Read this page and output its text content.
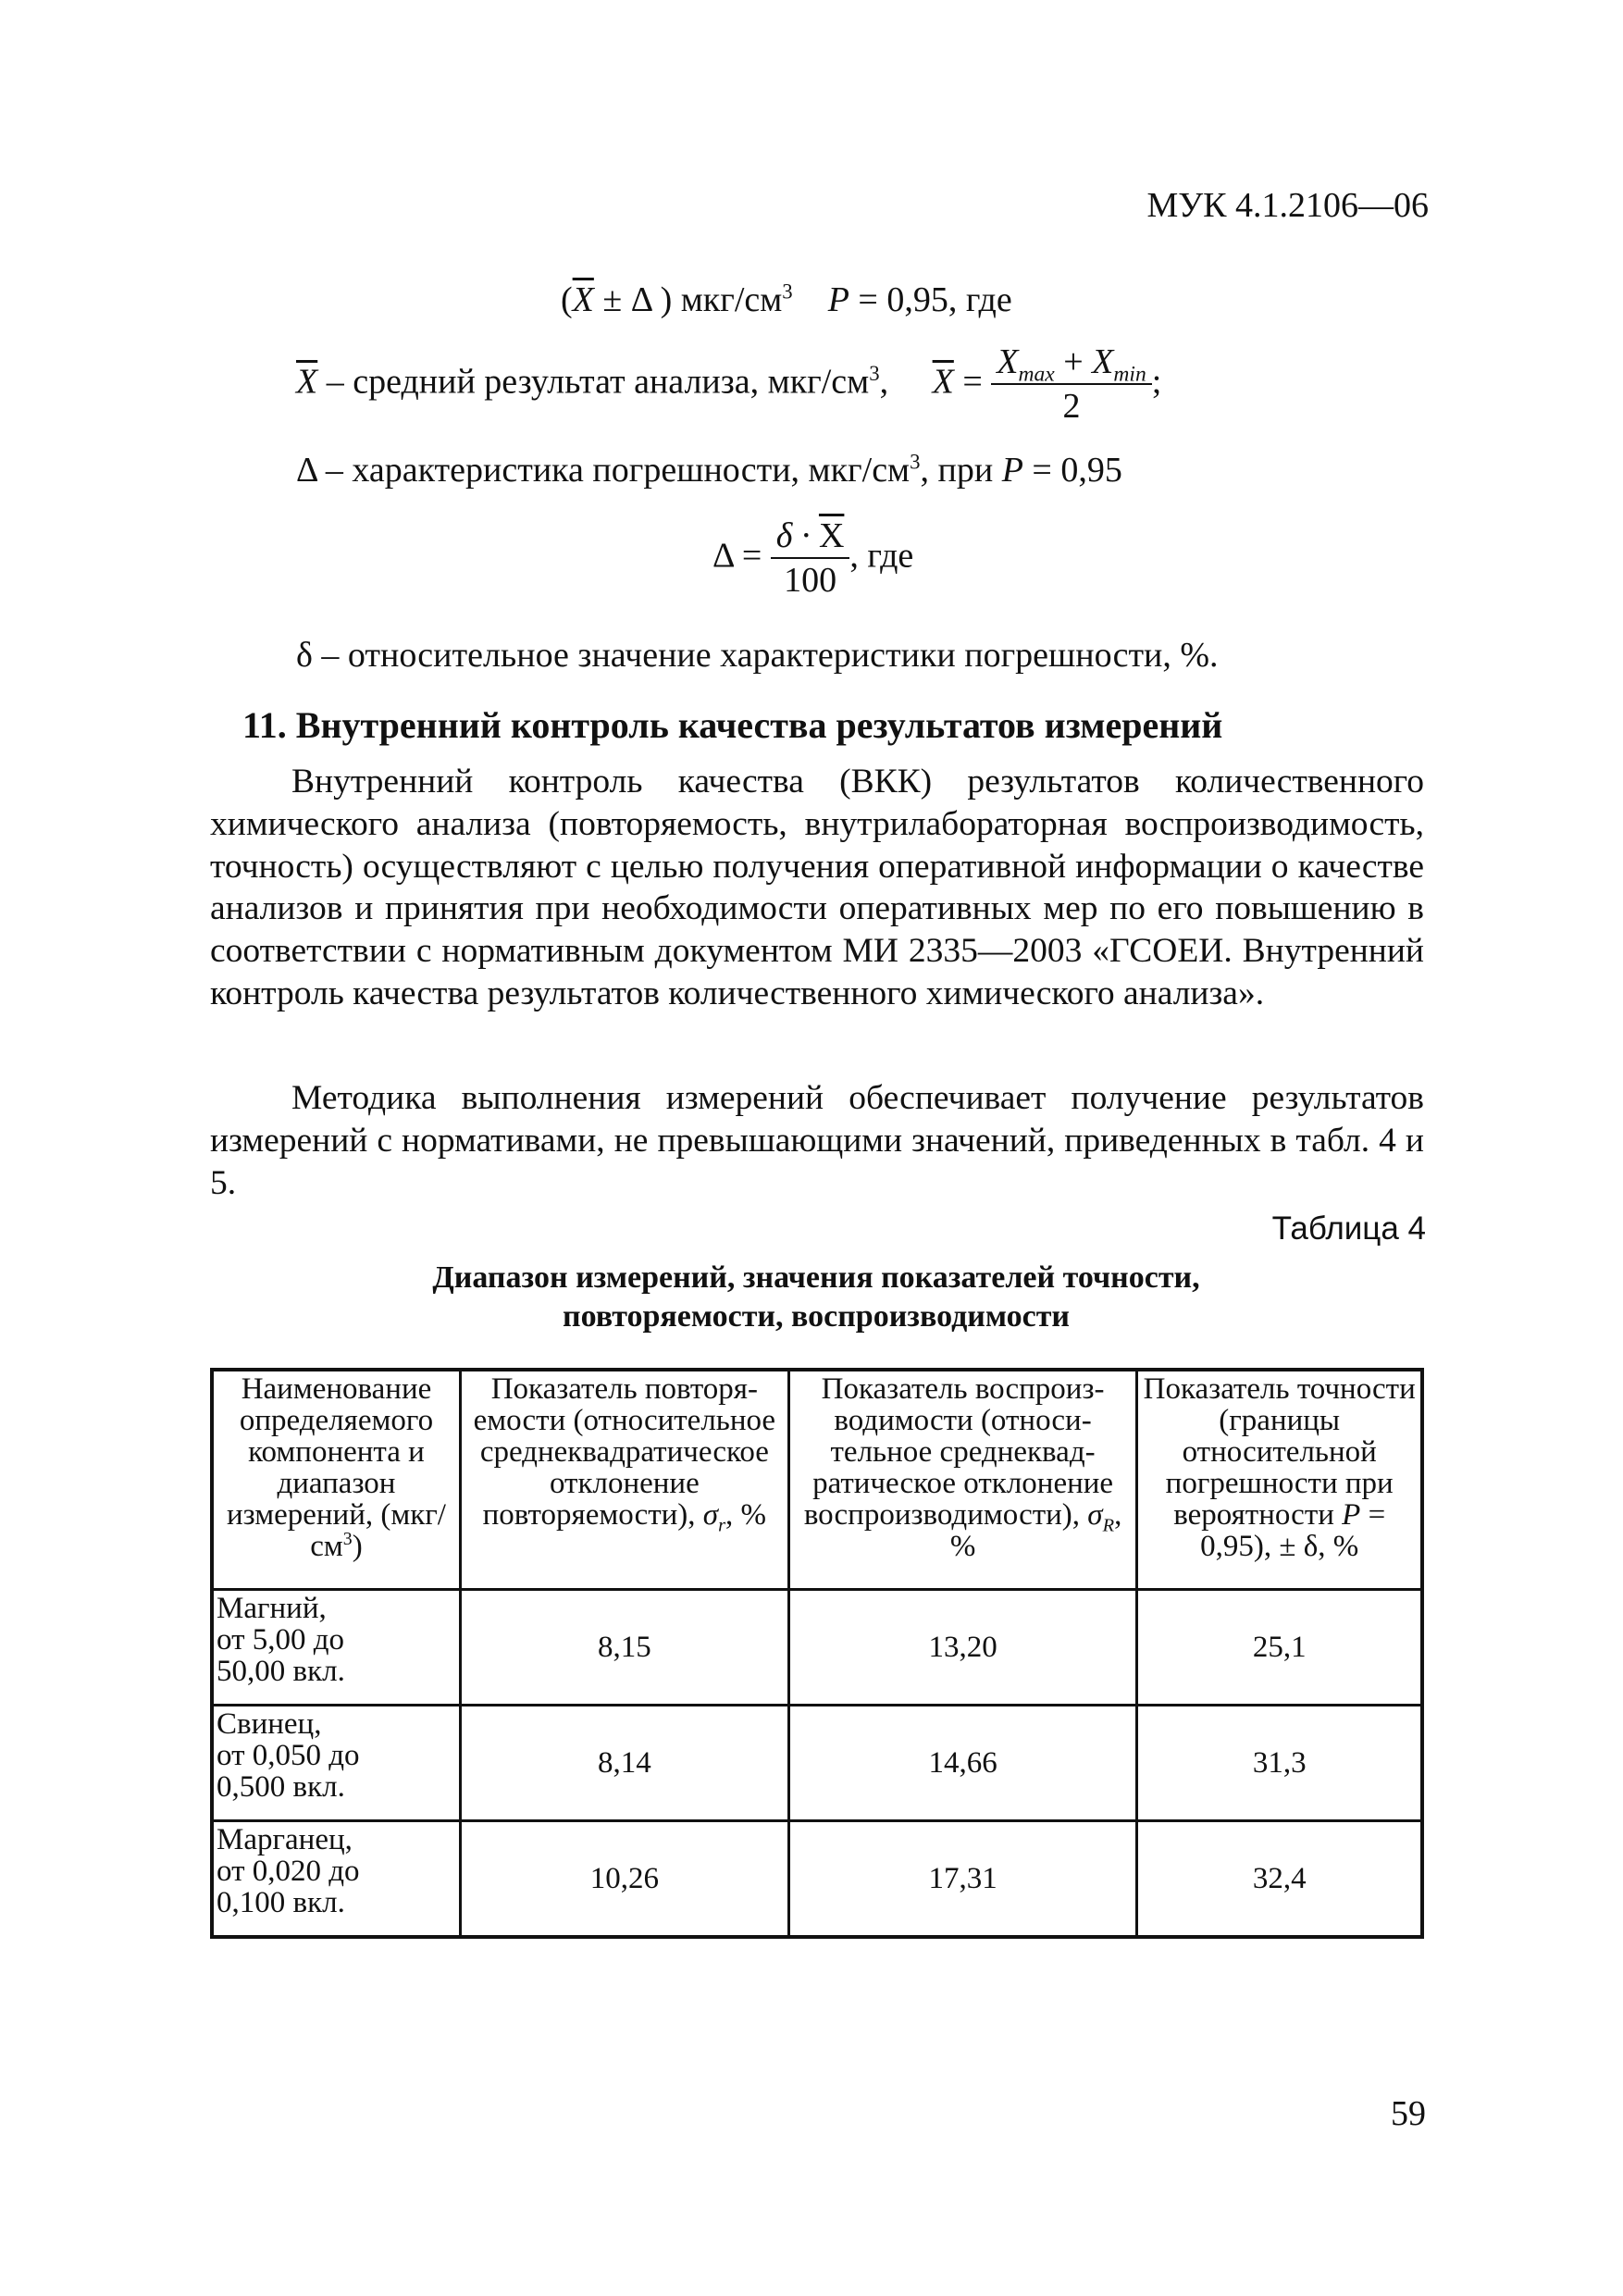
МУК 4.1.2106—06
($\overline{X} \pm \Delta$ ) мкг/$см^3$ P = 0,95, где
$\overline{X}$ – средний результат анализа, мкг/$см^3$, $\overline{X} = \frac{X_{max} + X_{min}}{2}$ ;
Δ – характеристика погрешности, мкг/$см^3$, при P = 0,95
$\Delta = \frac{\delta \cdot \overline{X}}{100}$ , где
δ – относительное значение характеристики погрешности, %.
11. Внутренний контроль качества результатов измерений
Внутренний контроль качества (ВКК) результатов количественного химического анализа (повторяемость, внутрилабораторная воспроизводимость, точность) осуществляют с целью получения оперативной информации о качестве анализов и принятия при необходимости оперативных мер по его повышению в соответствии с нормативным документом МИ 2335—2003 «ГСОЕИ. Внутренний контроль качества результатов количественного химического анализа».
Методика выполнения измерений обеспечивает получение результатов измерений с нормативами, не превышающими значений, приведенных в табл. 4 и 5.
Таблица 4
Диапазон измерений, значения показателей точности,
повторяемости, воспроизводимости
Наименование определяемого компонента и диапазон измерений, $(мкг/см^3)$	Показатель повторяемости (относительное среднеквадратическое отклонение повторяемости), $\sigma_r$, %	Показатель воспроизводимости (относительное среднеквадратическое отклонение воспроизводимости), $\sigma_R$, %	Показатель точности (границы относительной погрешности при вероятности P = 0,95), ± δ, %

Магний,
от 5,00 до
50,00 вкл.	8,15	13,20	25,1

Свинец,
от 0,050 до
0,500 вкл.	8,14	14,66	31,3

Марганец,
от 0,020 до
0,100 вкл.	10,26	17,31	32,4
59
